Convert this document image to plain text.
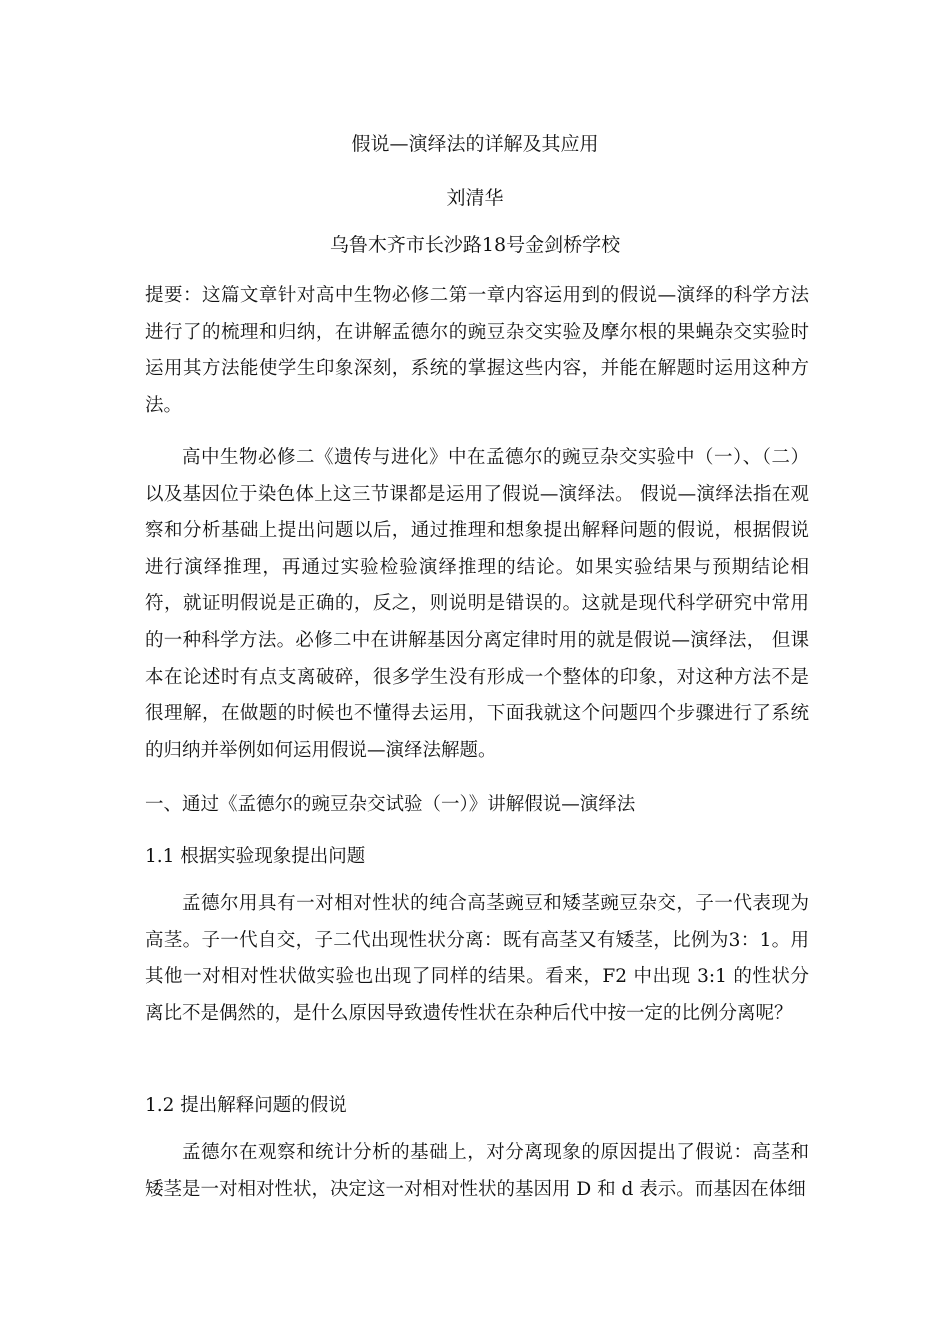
假说—演绎法的详解及其应用
刘清华
乌鲁木齐市长沙路18号金剑桥学校

提要：这篇文章针对高中生物必修二第一章内容运用到的假说—演绎的科学方法进行了的梳理和归纳，在讲解孟德尔的豌豆杂交实验及摩尔根的果蝇杂交实验时运用其方法能使学生印象深刻，系统的掌握这些内容，并能在解题时运用这种方法。

高中生物必修二《遗传与进化》中在孟德尔的豌豆杂交实验中（一）、（二）以及基因位于染色体上这三节课都是运用了假说—演绎法。 假说—演绎法指在观察和分析基础上提出问题以后，通过推理和想象提出解释问题的假说，根据假说进行演绎推理，再通过实验检验演绎推理的结论。如果实验结果与预期结论相符，就证明假说是正确的，反之，则说明是错误的。这就是现代科学研究中常用的一种科学方法。必修二中在讲解基因分离定律时用的就是假说—演绎法， 但课本在论述时有点支离破碎，很多学生没有形成一个整体的印象，对这种方法不是很理解，在做题的时候也不懂得去运用，下面我就这个问题四个步骤进行了系统的归纳并举例如何运用假说—演绎法解题。

一、通过《孟德尔的豌豆杂交试验（一）》讲解假说—演绎法
1.1 根据实验现象提出问题

孟德尔用具有一对相对性状的纯合高茎豌豆和矮茎豌豆杂交，子一代表现为高茎。子一代自交，子二代出现性状分离：既有高茎又有矮茎，比例为3：1。用其他一对相对性状做实验也出现了同样的结果。看来，F2 中出现 3:1 的性状分离比不是偶然的，是什么原因导致遗传性状在杂种后代中按一定的比例分离呢？

1.2 提出解释问题的假说

孟德尔在观察和统计分析的基础上，对分离现象的原因提出了假说：高茎和矮茎是一对相对性状，决定这一对相对性状的基因用 D 和 d 表示。而基因在体细
